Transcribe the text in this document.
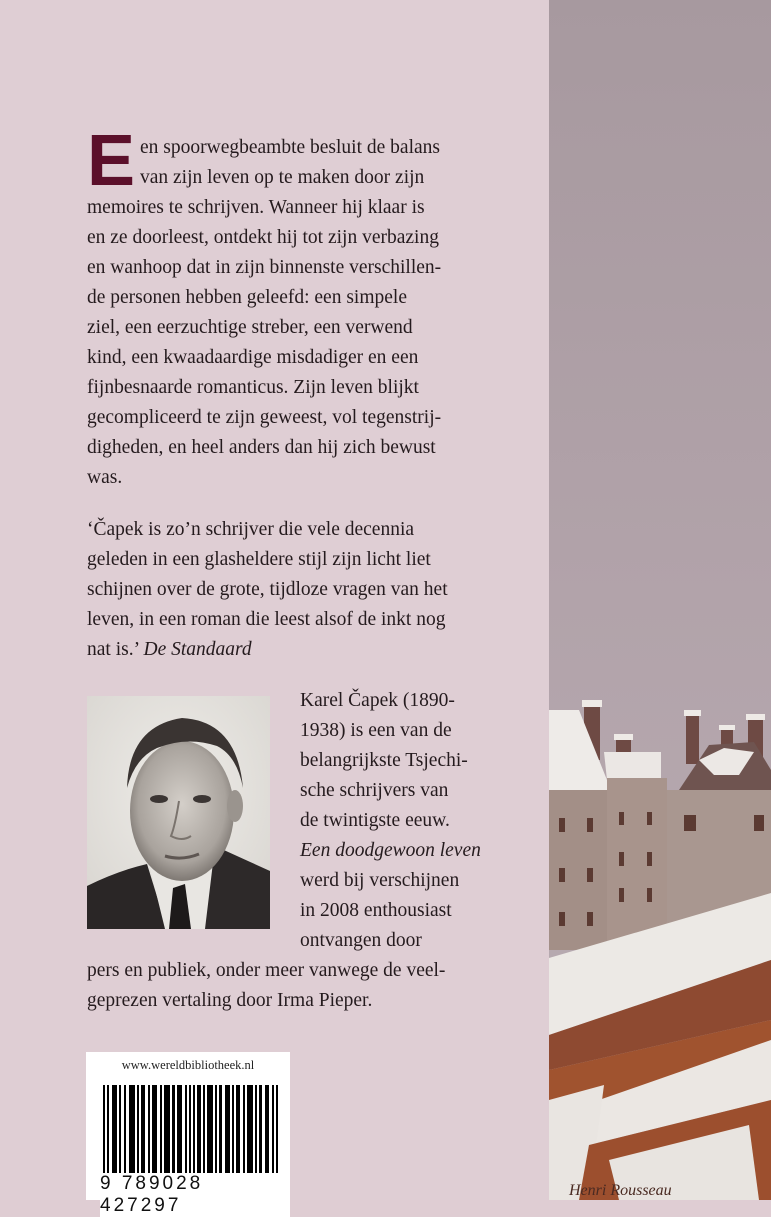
E en spoorwegbeambte besluit de balans
van zijn leven op te maken door zijn
memoires te schrijven. Wanneer hij klaar is
en ze doorleest, ontdekt hij tot zijn verbazing
en wanhoop dat in zijn binnenste verschillen-
de personen hebben geleefd: een simpele
ziel, een eerzuchtige streber, een verwend
kind, een kwaadaardige misdadiger en een
fijnbesnaarde romanticus. Zijn leven blijkt
gecompliceerd te zijn geweest, vol tegenstrij-
digheden, en heel anders dan hij zich bewust
was.
‘Čapek is zo’n schrijver die vele decennia
geleden in een glasheldere stijl zijn licht liet
schijnen over de grote, tijdloze vragen van het
leven, in een roman die leest alsof de inkt nog
nat is.’ De Standaard
Karel Čapek (1890-
1938) is een van de
belangrijkste Tsjechi-
sche schrijvers van
de twintigste eeuw.
Een doodgewoon leven
werd bij verschijnen
in 2008 enthousiast
ontvangen door
pers en publiek, onder meer vanwege de veel-
geprezen vertaling door Irma Pieper.
www.wereldbibliotheek.nl
9 789028 427297
Henri Rousseau
